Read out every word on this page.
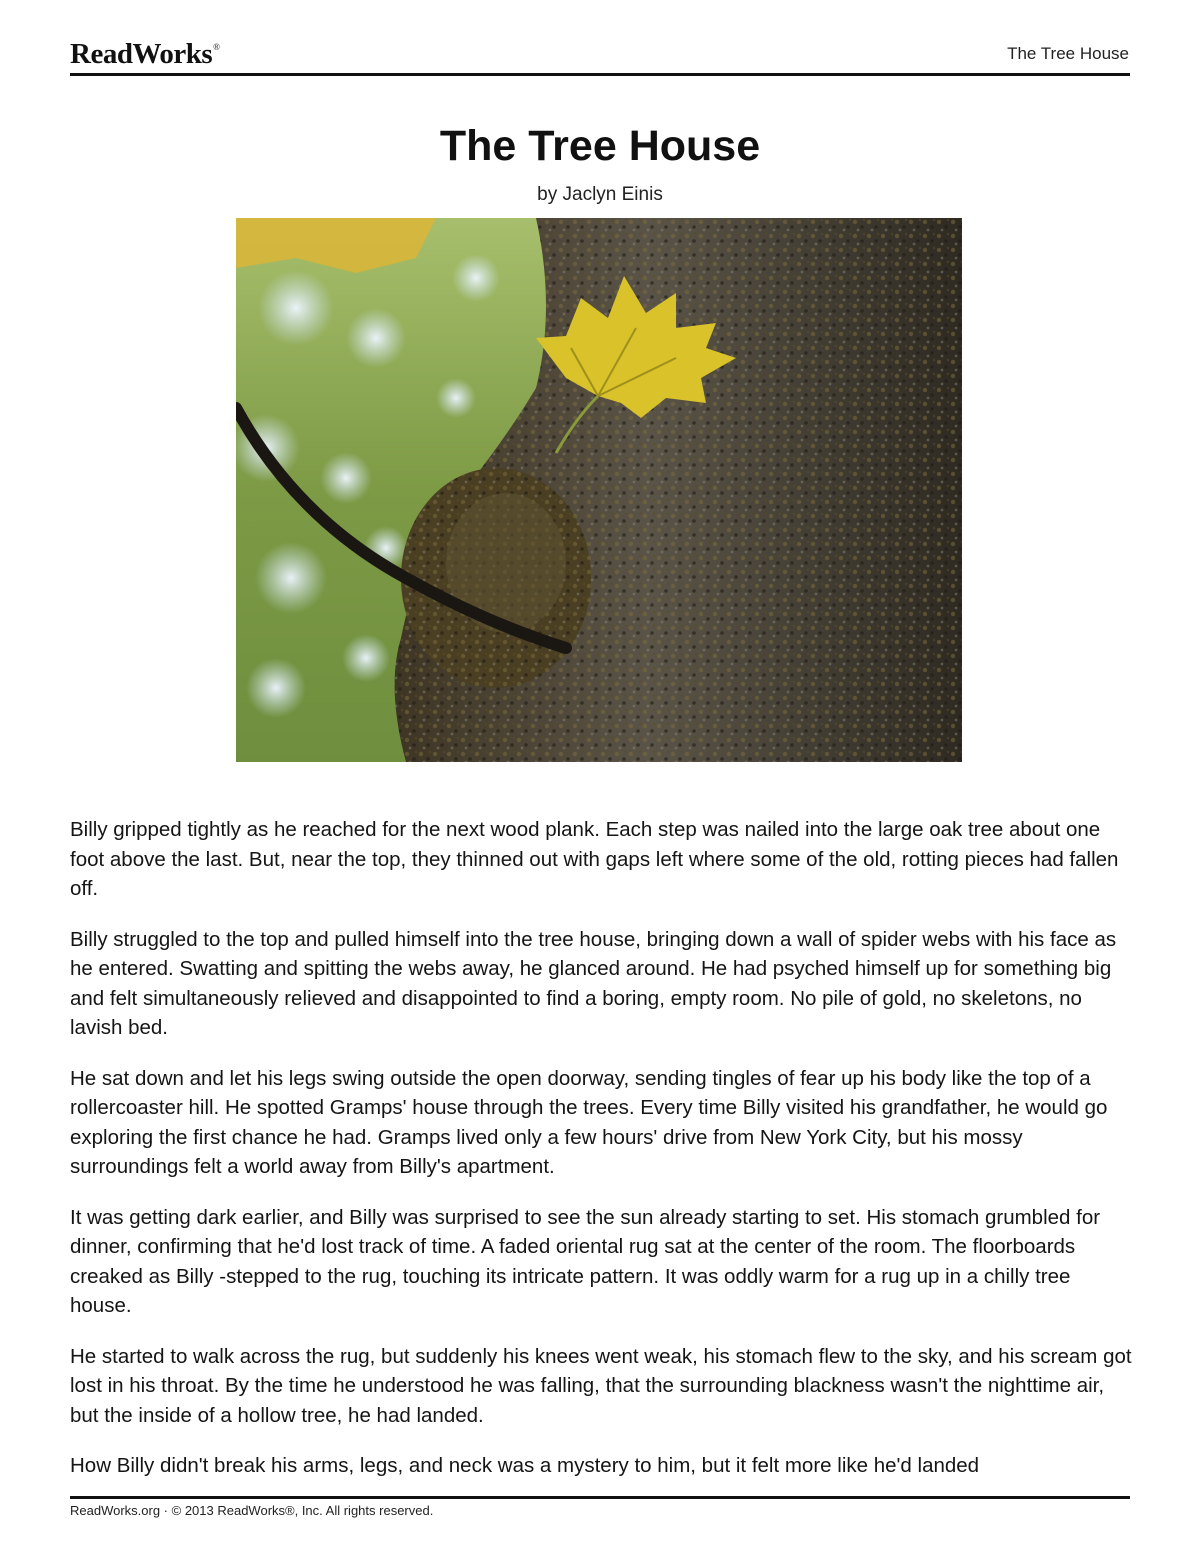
ReadWorks®	The Tree House
The Tree House
by Jaclyn Einis

Billy gripped tightly as he reached for the next wood plank. Each step was nailed into the large oak tree about one foot above the last. But, near the top, they thinned out with gaps left where some of the old, rotting pieces had fallen off.

Billy struggled to the top and pulled himself into the tree house, bringing down a wall of spider webs with his face as he entered. Swatting and spitting the webs away, he glanced around. He had psyched himself up for something big and felt simultaneously relieved and disappointed to find a boring, empty room. No pile of gold, no skeletons, no lavish bed.

He sat down and let his legs swing outside the open doorway, sending tingles of fear up his body like the top of a rollercoaster hill. He spotted Gramps' house through the trees. Every time Billy visited his grandfather, he would go exploring the first chance he had. Gramps lived only a few hours' drive from New York City, but his mossy surroundings felt a world away from Billy's apartment.

It was getting dark earlier, and Billy was surprised to see the sun already starting to set. His stomach grumbled for dinner, confirming that he'd lost track of time. A faded oriental rug sat at the center of the room. The floorboards creaked as Billy -stepped to the rug, touching its intricate pattern. It was oddly warm for a rug up in a chilly tree house.

He started to walk across the rug, but suddenly his knees went weak, his stomach flew to the sky, and his scream got lost in his throat. By the time he understood he was falling, that the surrounding blackness wasn't the nighttime air, but the inside of a hollow tree, he had landed.

How Billy didn't break his arms, legs, and neck was a mystery to him, but it felt more like he'd landed

ReadWorks.org · © 2013 ReadWorks®, Inc. All rights reserved.
